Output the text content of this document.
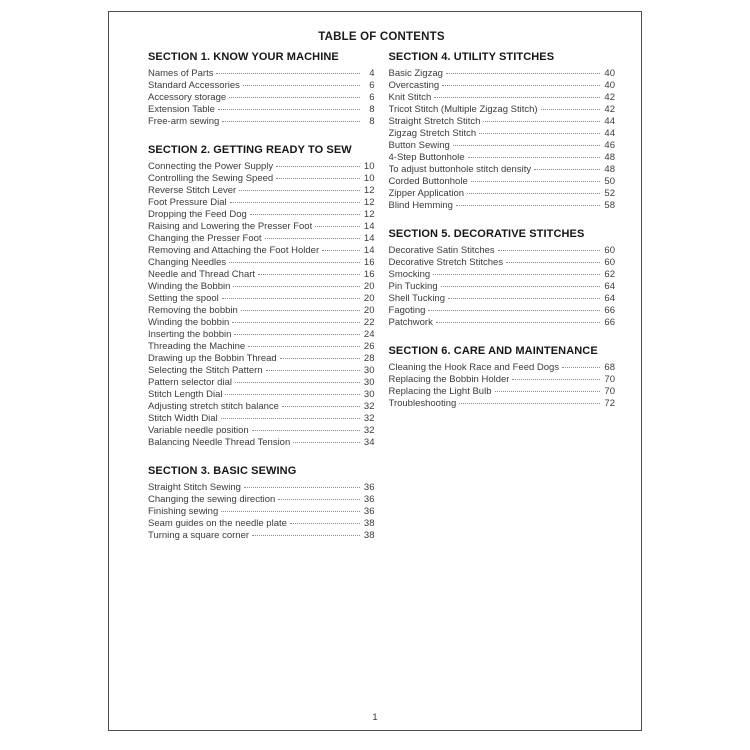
TABLE OF CONTENTS
SECTION 1. KNOW YOUR MACHINE
Names of Parts	4
Standard Accessories	6
Accessory storage	6
Extension Table	8
Free-arm sewing	8
SECTION 2. GETTING READY TO SEW
Connecting the Power Supply	10
Controlling the Sewing Speed	10
Reverse Stitch Lever	12
Foot Pressure Dial	12
Dropping the Feed Dog	12
Raising and Lowering the Presser Foot	14
Changing the Presser Foot	14
Removing and Attaching the Foot Holder	14
Changing Needles	16
Needle and Thread Chart	16
Winding the Bobbin	20
Setting the spool	20
Removing the bobbin	20
Winding the bobbin	22
Inserting the bobbin	24
Threading the Machine	26
Drawing up the Bobbin Thread	28
Selecting the Stitch Pattern	30
Pattern selector dial	30
Stitch Length Dial	30
Adjusting stretch stitch balance	32
Stitch Width Dial	32
Variable needle position	32
Balancing Needle Thread Tension	34
SECTION 3. BASIC SEWING
Straight Stitch Sewing	36
Changing the sewing direction	36
Finishing sewing	36
Seam guides on the needle plate	38
Turning a square corner	38
SECTION 4. UTILITY STITCHES
Basic Zigzag	40
Overcasting	40
Knit Stitch	42
Tricot Stitch (Multiple Zigzag Stitch)	42
Straight Stretch Stitch	44
Zigzag Stretch Stitch	44
Button Sewing	46
4-Step Buttonhole	48
To adjust buttonhole stitch density	48
Corded Buttonhole	50
Zipper Application	52
Blind Hemming	58
SECTION 5. DECORATIVE STITCHES
Decorative Satin Stitches	60
Decorative Stretch Stitches	60
Smocking	62
Pin Tucking	64
Shell Tucking	64
Fagoting	66
Patchwork	66
SECTION 6. CARE AND MAINTENANCE
Cleaning the Hook Race and Feed Dogs	68
Replacing the Bobbin Holder	70
Replacing the Light Bulb	70
Troubleshooting	72
1
